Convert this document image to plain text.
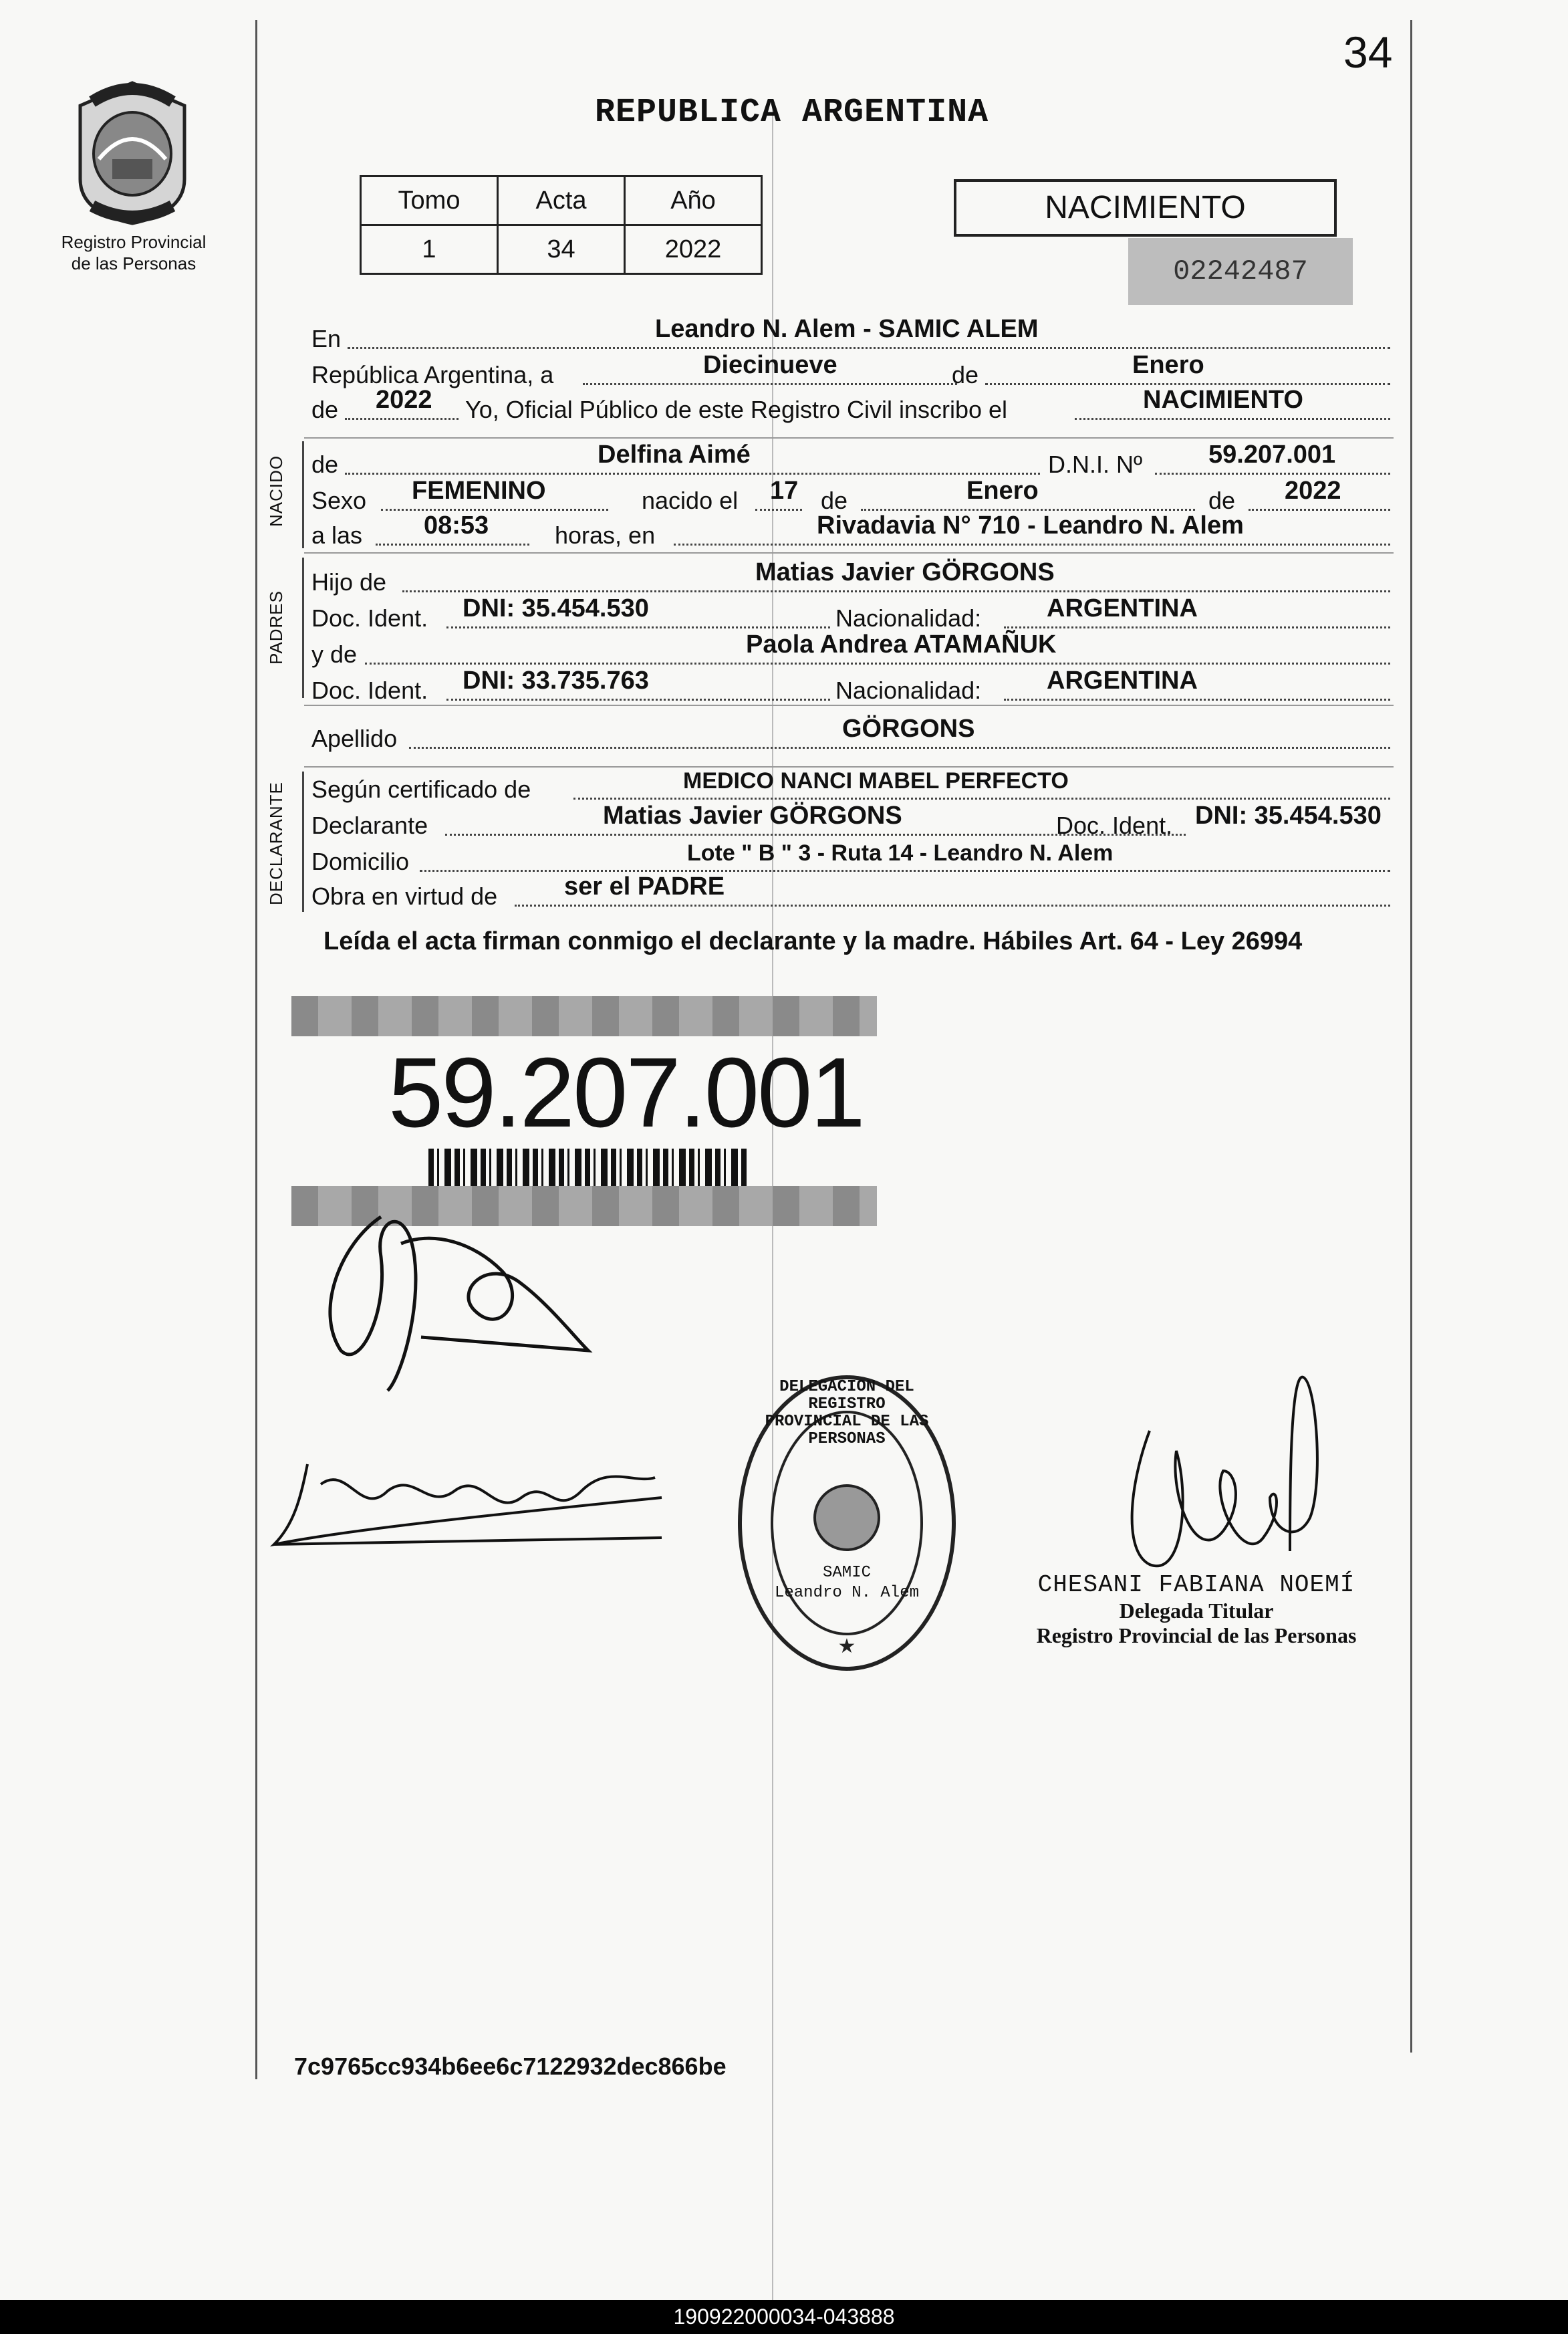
Registro Provincial
de las Personas
34
REPUBLICA ARGENTINA
Tomo	Acta	Año
1	34	2022
NACIMIENTO
02242487
En	Leandro N. Alem - SAMIC ALEM
República Argentina, a	Diecinueve	de	Enero
de 2022 Yo, Oficial Público de este Registro Civil inscribo el	NACIMIENTO
NACIDO de	Delfina Aimé	D.N.I. Nº	59.207.001
Sexo FEMENINO	nacido el 17 de	Enero	de 2022
a las 08:53	horas, en	Rivadavia N° 710 - Leandro N. Alem
PADRES
Hijo de	Matias Javier GÖRGONS
Doc. Ident. DNI: 35.454.530	Nacionalidad:	ARGENTINA
y de	Paola Andrea ATAMAÑUK
Doc. Ident. DNI: 33.735.763	Nacionalidad:	ARGENTINA
Apellido	GÖRGONS
DECLARANTE Según certificado de	MEDICO NANCI MABEL PERFECTO
Declarante	Matias Javier GÖRGONS	Doc. Ident. DNI: 35.454.530
Domicilio	Lote " B " 3 - Ruta 14 - Leandro N. Alem
Obra en virtud de	ser el PADRE
Leída el acta firman conmigo el declarante y la madre. Hábiles Art. 64 - Ley 26994
59.207.001
★
DELEGACION DEL REGISTRO PROVINCIAL DE LAS PERSONAS
SAMIC
Leandro N. Alem	CHESANI FABIANA NOEMÍ
Delegada Titular
Registro Provincial de las Personas
7c9765cc934b6ee6c7122932dec866be
190922000034-043888
